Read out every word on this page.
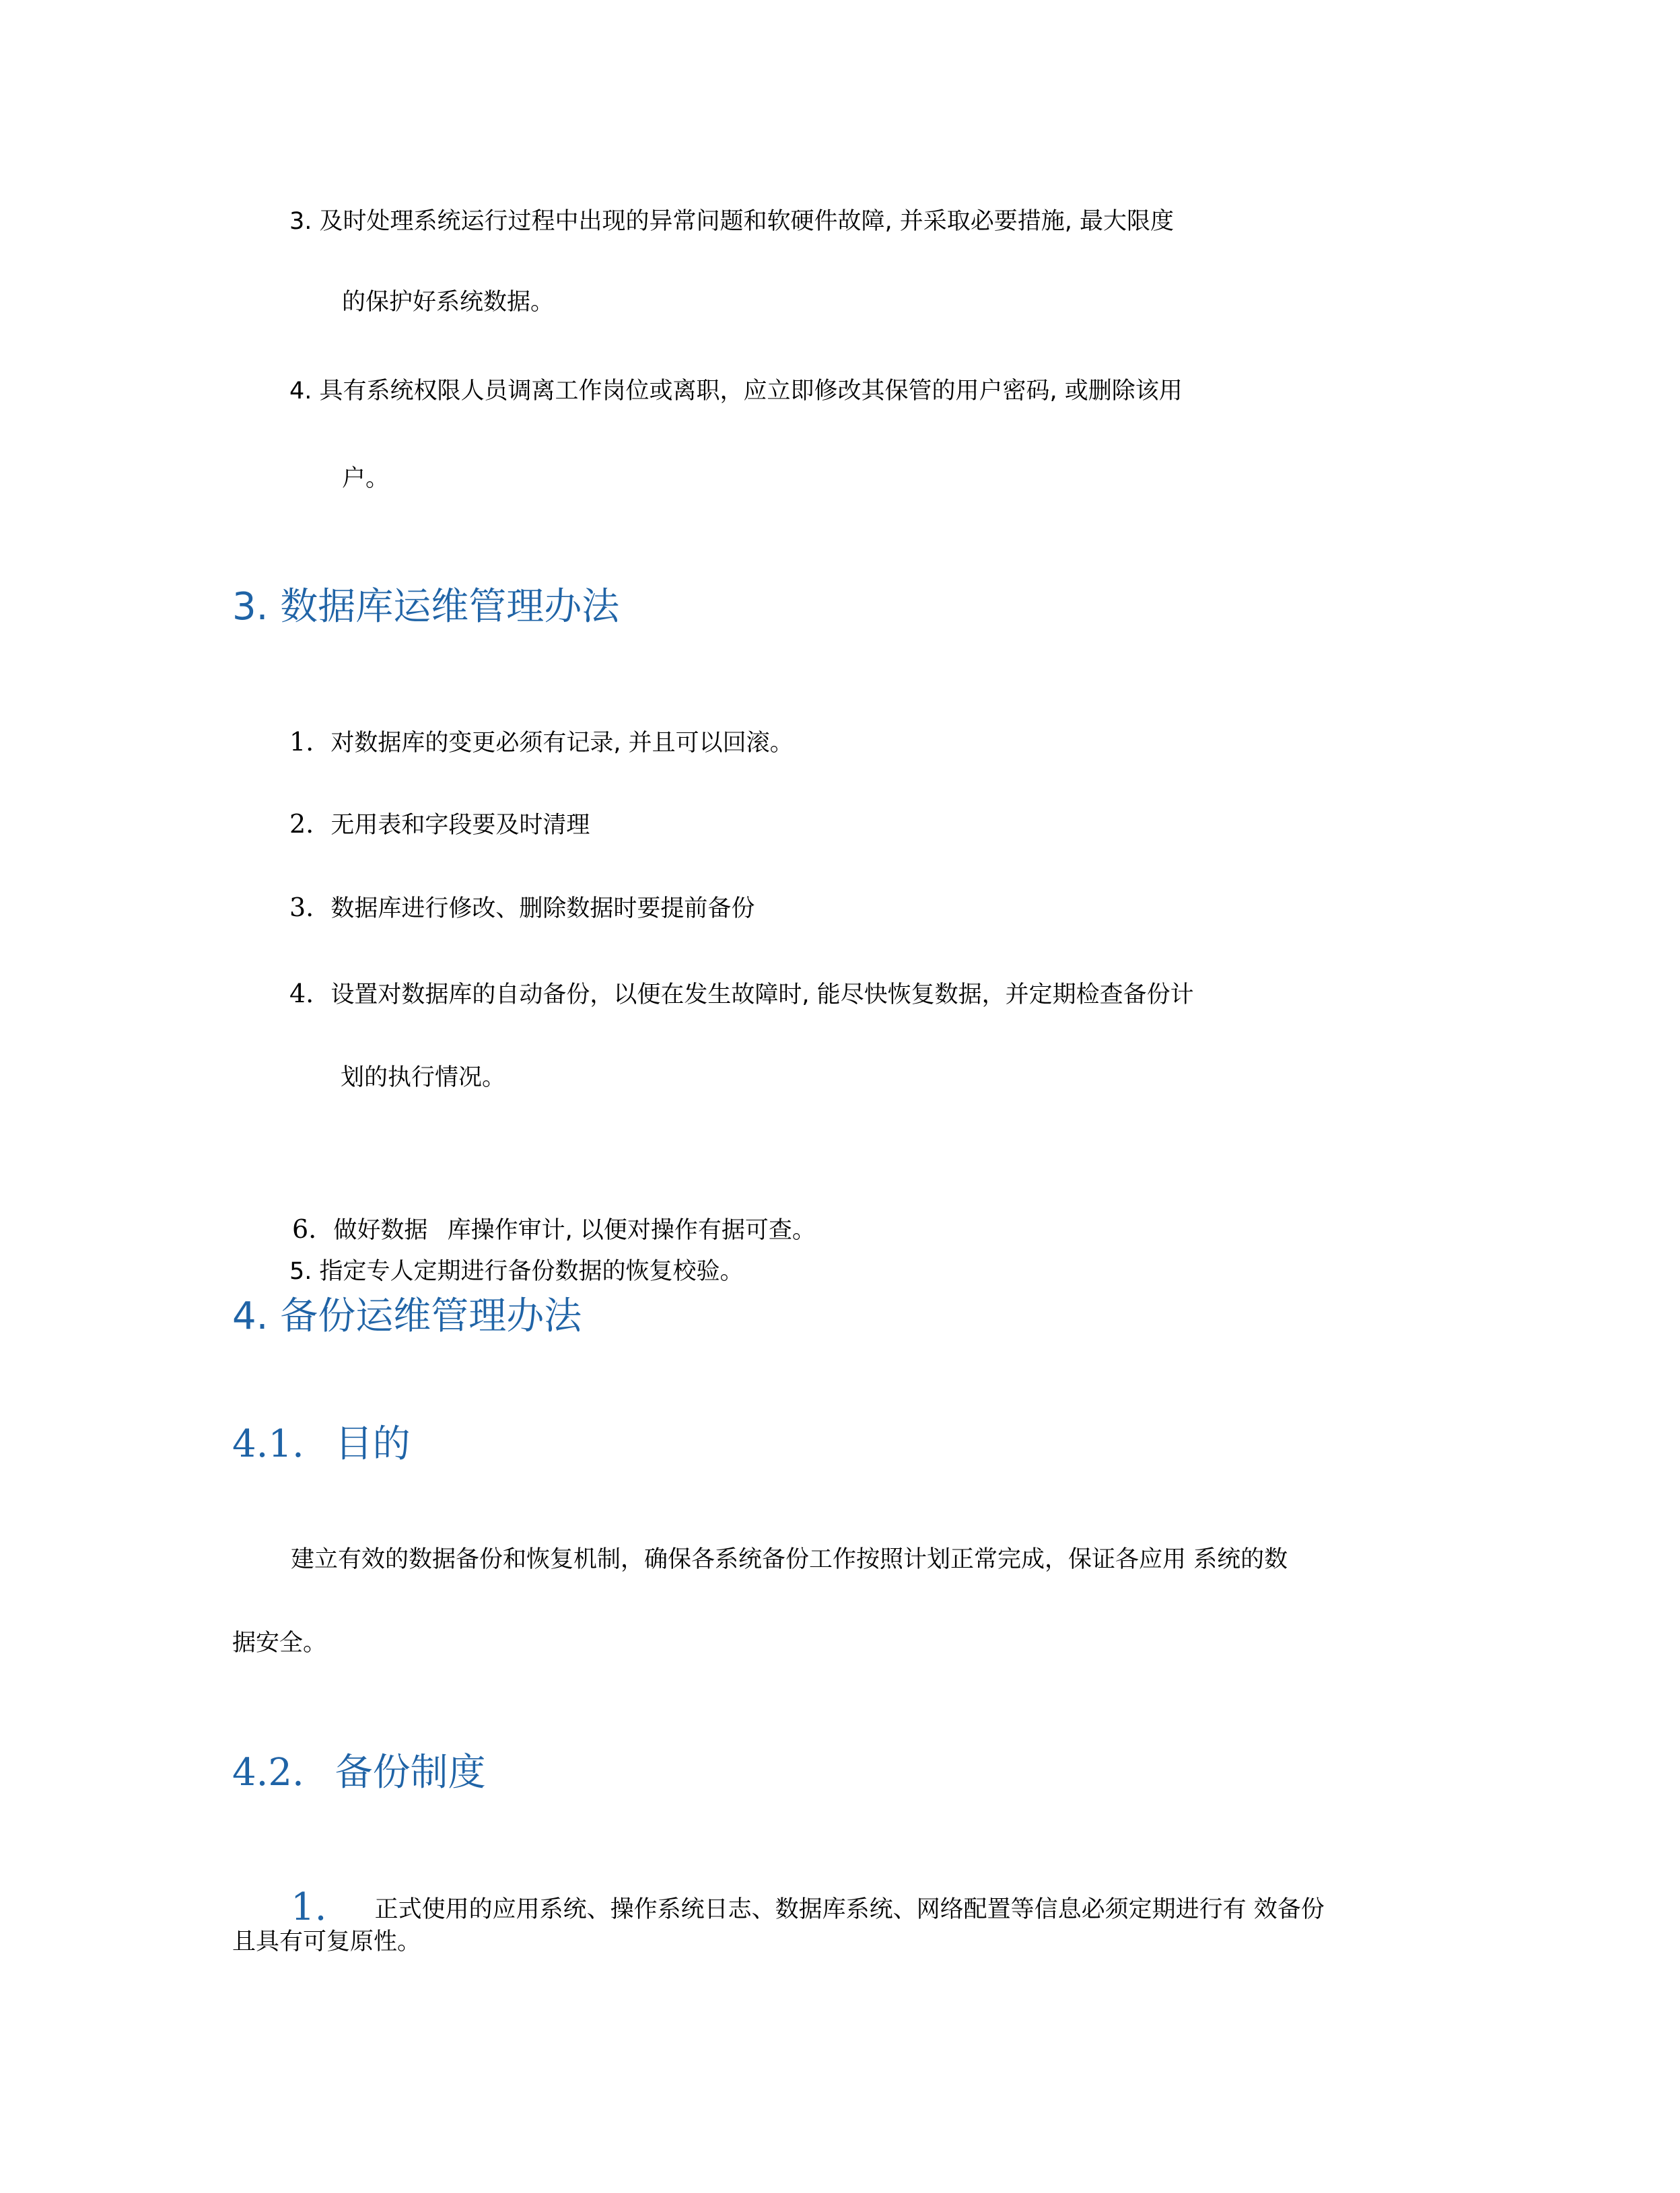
3. 及时处理系统运行过程中出现的异常问题和软硬件故障, 并采取必要措施, 最大限度
的保护好系统数据。
4. 具有系统权限人员调离工作岗位或离职，应立即修改其保管的用户密码, 或删除该用
户。
3. 数据库运维管理办法
1. 对数据库的变更必须有记录, 并且可以回滚。
2. 无用表和字段要及时清理
3. 数据库进行修改、删除数据时要提前备份
4. 设置对数据库的自动备份，以便在发生故障时, 能尽快恢复数据，并定期检查备份计
划的执行情况。
6. 做好数据 库操作审计, 以便对操作有据可查。
5. 指定专人定期进行备份数据的恢复校验。
4. 备份运维管理办法
4.1. 目的
建立有效的数据备份和恢复机制，确保各系统备份工作按照计划正常完成，保证各应用 系统的数
据安全。
4.2. 备份制度
1. 正式使用的应用系统、操作系统日志、数据库系统、网络配置等信息必须定期进行有 效备份
且具有可复原性。
